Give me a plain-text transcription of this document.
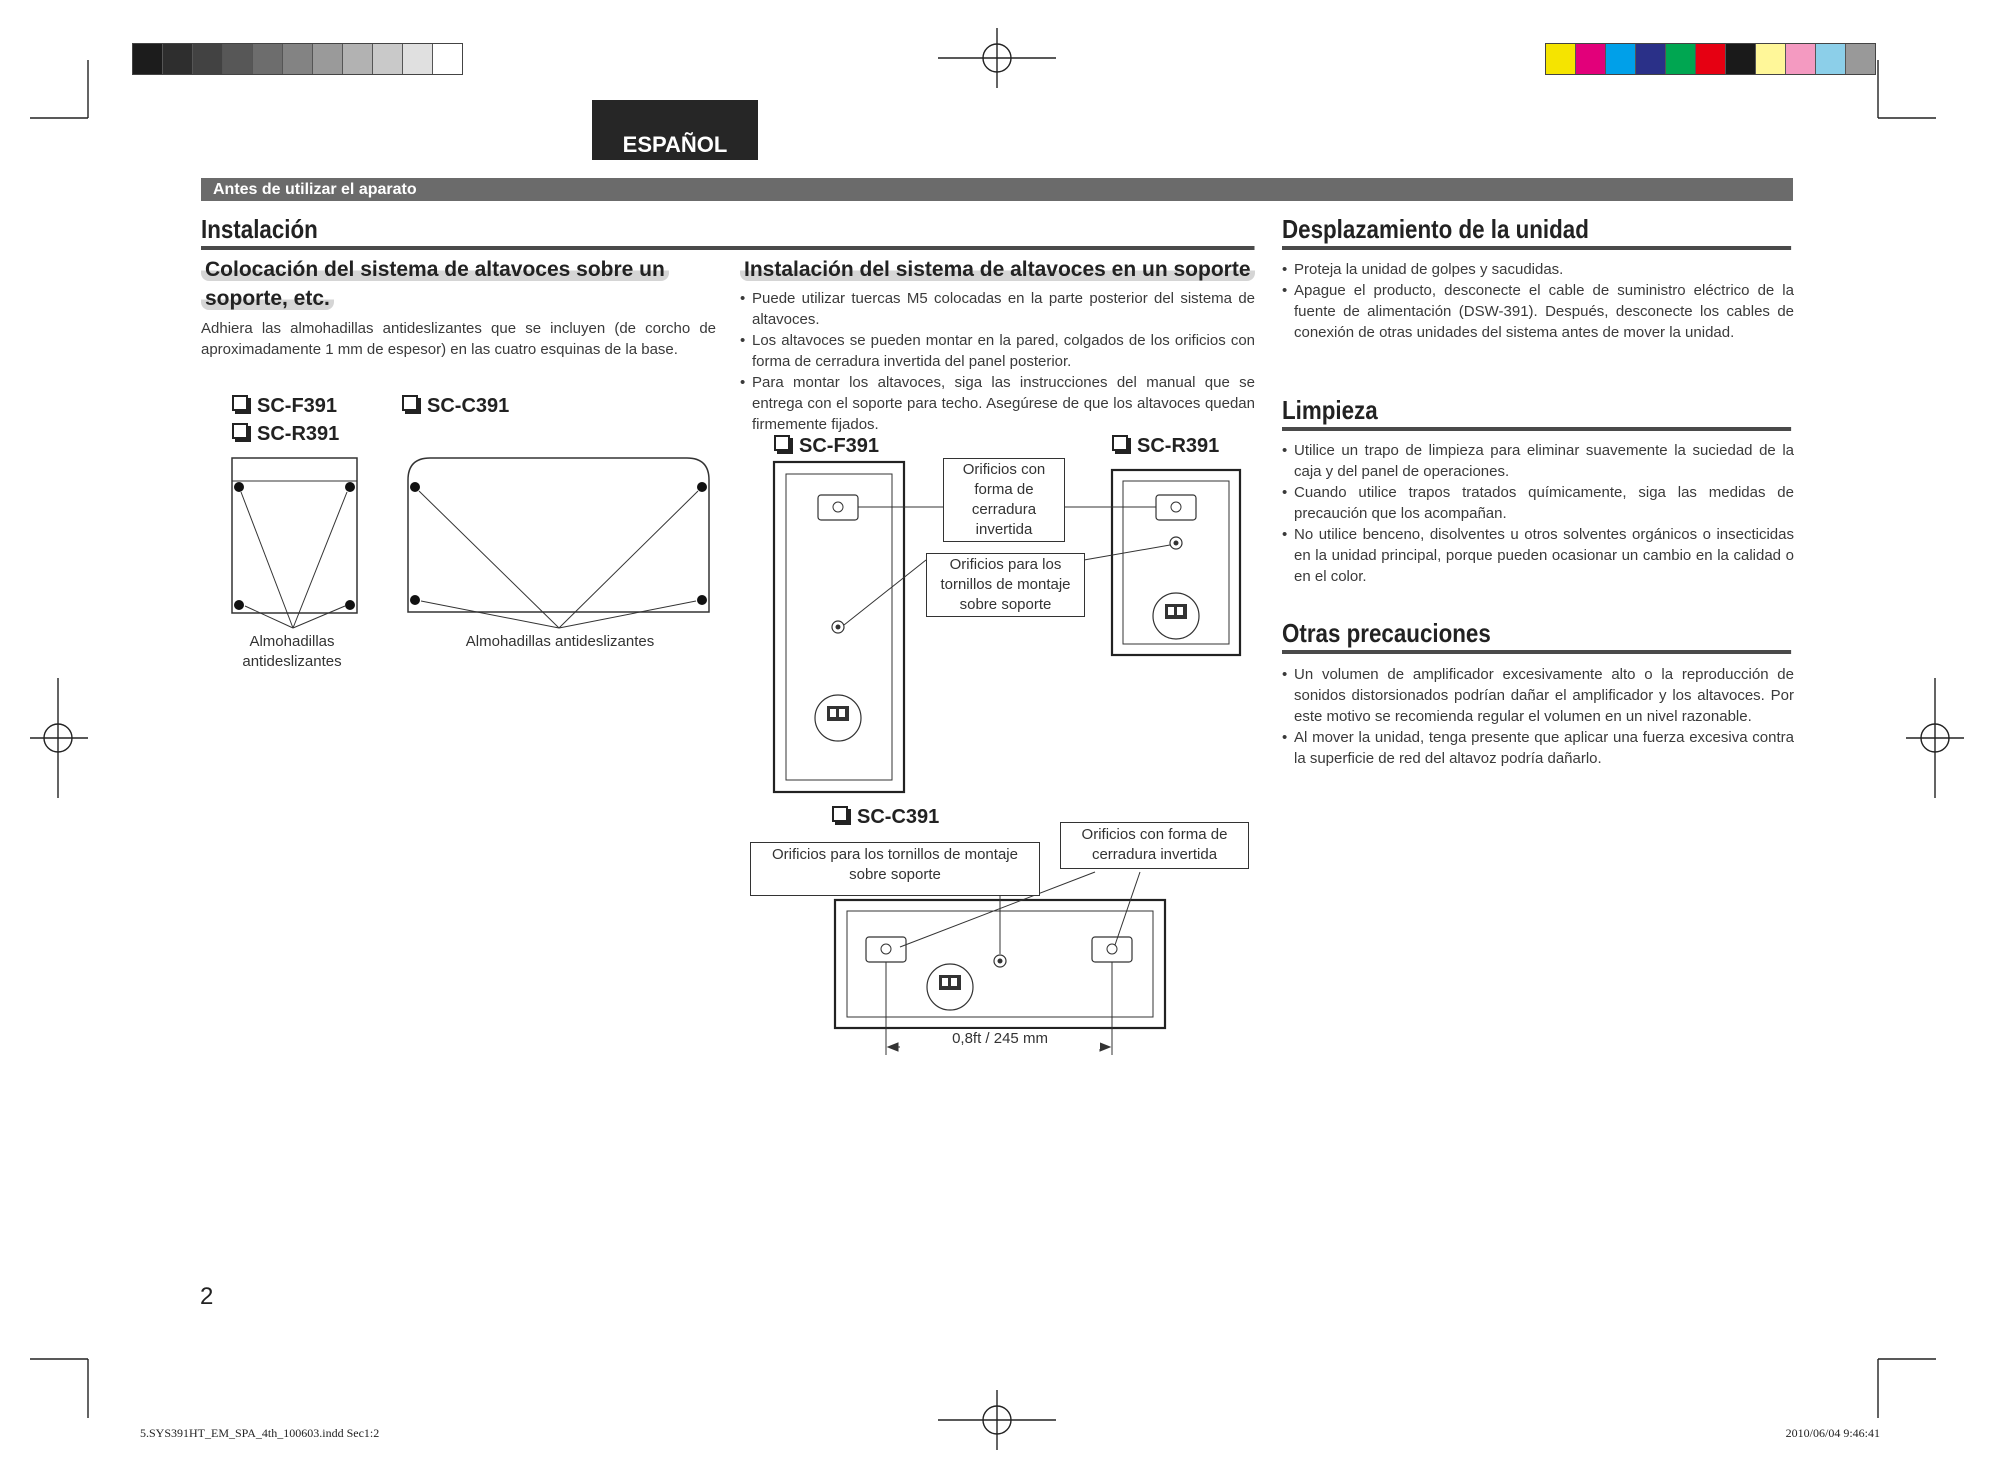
ESPAÑOL
Antes de utilizar el aparato
Instalación
Colocación del sistema de altavoces sobre un
soporte, etc.
Adhiera las almohadillas antideslizantes que se incluyen (de corcho de aproximadamente 1 mm de espesor) en las cuatro esquinas de la base.
SC-F391	SC-C391
SC-R391
Almohadillas
antideslizantes
Almohadillas antideslizantes
Instalación del sistema de altavoces en un soporte
• Puede utilizar tuercas M5 colocadas en la parte posterior del sistema de altavoces.
• Los altavoces se pueden montar en la pared, colgados de los orificios con forma de cerradura invertida del panel posterior.
• Para montar los altavoces, siga las instrucciones del manual que se entrega con el soporte para techo. Asegúrese de que los altavoces quedan firmemente fijados.
SC-F391	SC-R391
SC-C391
Orificios con
forma de
cerradura
invertida
Orificios para los
tornillos de montaje
sobre soporte
Orificios para los tornillos de montaje
sobre soporte
Orificios con forma de
cerradura invertida
0,8ft / 245 mm
Desplazamiento de la unidad
• Proteja la unidad de golpes y sacudidas.
• Apague el producto, desconecte el cable de suministro eléctrico de la fuente de alimentación (DSW-391). Después, desconecte los cables de conexión de otras unidades del sistema antes de mover la unidad.
Limpieza
• Utilice un trapo de limpieza para eliminar suavemente la suciedad de la caja y del panel de operaciones.
• Cuando utilice trapos tratados químicamente, siga las medidas de precaución que los acompañan.
• No utilice benceno, disolventes u otros solventes orgánicos o insecticidas en la unidad principal, porque pueden ocasionar un cambio en la calidad o en el color.
Otras precauciones
• Un volumen de amplificador excesivamente alto o la reproducción de sonidos distorsionados podrían dañar el amplificador y los altavoces. Por este motivo se recomienda regular el volumen en un nivel razonable.
• Al mover la unidad, tenga presente que aplicar una fuerza excesiva contra la superficie de red del altavoz podría dañarlo.
2
5.SYS391HT_EM_SPA_4th_100603.indd Sec1:2	2010/06/04 9:46:41
